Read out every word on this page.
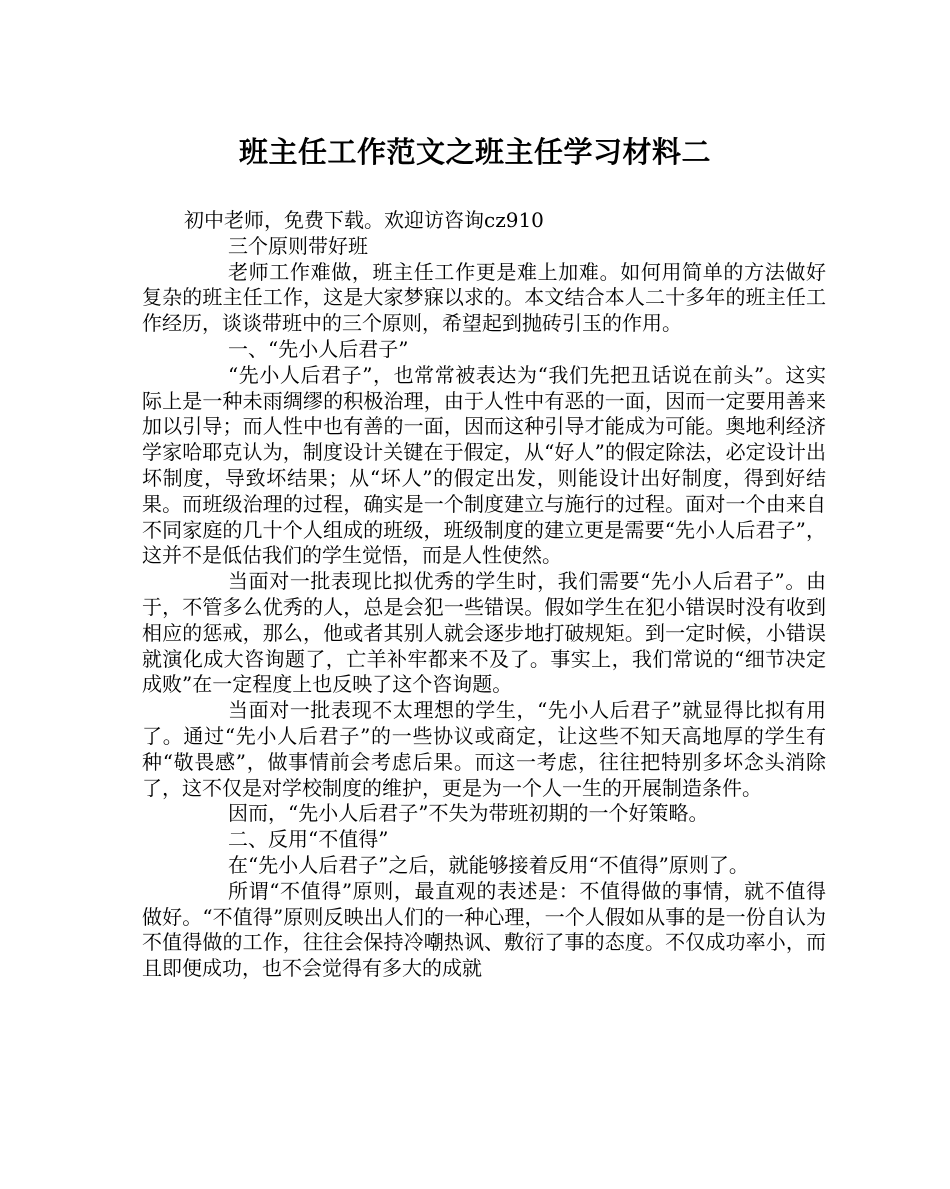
班主任工作范文之班主任学习材料二

初中老师，免费下载。欢迎访咨询cz910

三个原则带好班

老师工作难做，班主任工作更是难上加难。如何用简单的方法做好复杂的班主任工作，这是大家梦寐以求的。本文结合本人二十多年的班主任工作经历，谈谈带班中的三个原则，希望起到抛砖引玉的作用。

一、“先小人后君子”

“先小人后君子”，也常常被表达为“我们先把丑话说在前头”。这实际上是一种未雨绸缪的积极治理，由于人性中有恶的一面，因而一定要用善来加以引导；而人性中也有善的一面，因而这种引导才能成为可能。奥地利经济学家哈耶克认为，制度设计关键在于假定，从“好人”的假定除法，必定设计出坏制度，导致坏结果；从“坏人”的假定出发，则能设计出好制度，得到好结果。而班级治理的过程，确实是一个制度建立与施行的过程。面对一个由来自不同家庭的几十个人组成的班级，班级制度的建立更是需要“先小人后君子”，这并不是低估我们的学生觉悟，而是人性使然。

当面对一批表现比拟优秀的学生时，我们需要“先小人后君子”。由于，不管多么优秀的人，总是会犯一些错误。假如学生在犯小错误时没有收到相应的惩戒，那么，他或者其别人就会逐步地打破规矩。到一定时候，小错误就演化成大咨询题了，亡羊补牢都来不及了。事实上，我们常说的“细节决定成败”在一定程度上也反映了这个咨询题。

当面对一批表现不太理想的学生，“先小人后君子”就显得比拟有用了。通过“先小人后君子”的一些协议或商定，让这些不知天高地厚的学生有种“敬畏感”，做事情前会考虑后果。而这一考虑，往往把特别多坏念头消除了，这不仅是对学校制度的维护，更是为一个人一生的开展制造条件。

因而，“先小人后君子”不失为带班初期的一个好策略。

二、反用“不值得”

在“先小人后君子”之后，就能够接着反用“不值得”原则了。

所谓“不值得”原则，最直观的表述是：不值得做的事情，就不值得做好。“不值得”原则反映出人们的一种心理，一个人假如从事的是一份自认为不值得做的工作，往往会保持冷嘲热讽、敷衍了事的态度。不仅成功率小，而且即便成功，也不会觉得有多大的成就
